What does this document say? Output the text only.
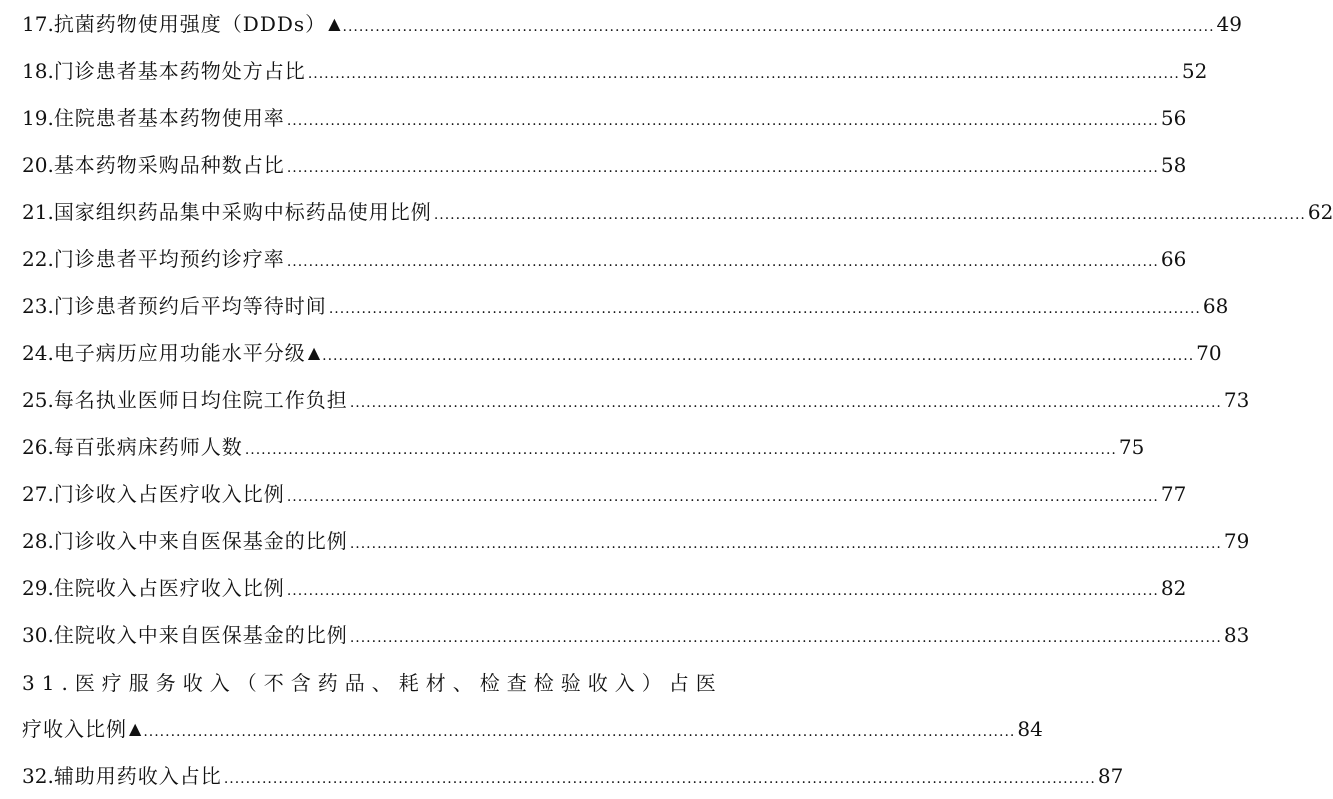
17. 抗菌药物使用强度（DDDs） ▲ ................................................................................................................................................................ 49
18. 门诊患者基本药物处方占比 ................................................................................................................................................................ 52
19. 住院患者基本药物使用率 ................................................................................................................................................................ 56
20. 基本药物采购品种数占比 ................................................................................................................................................................ 58
21. 国家组织药品集中采购中标药品使用比例 ................................................................................................................................................................ 62
22. 门诊患者平均预约诊疗率 ................................................................................................................................................................ 66
23. 门诊患者预约后平均等待时间 ................................................................................................................................................................ 68
24. 电子病历应用功能水平分级 ▲ ................................................................................................................................................................ 70
25. 每名执业医师日均住院工作负担 ................................................................................................................................................................ 73
26. 每百张病床药师人数 ................................................................................................................................................................ 75
27. 门诊收入占医疗收入比例 ................................................................................................................................................................ 77
28. 门诊收入中来自医保基金的比例 ................................................................................................................................................................ 79
29. 住院收入占医疗收入比例 ................................................................................................................................................................ 82
30. 住院收入中来自医保基金的比例 ................................................................................................................................................................ 83
31.医疗服务收入（不含药品、耗材、检查检验收入）占医
疗收入比例 ▲ ................................................................................................................................................................ 84
32. 辅助用药收入占比 ................................................................................................................................................................ 87
